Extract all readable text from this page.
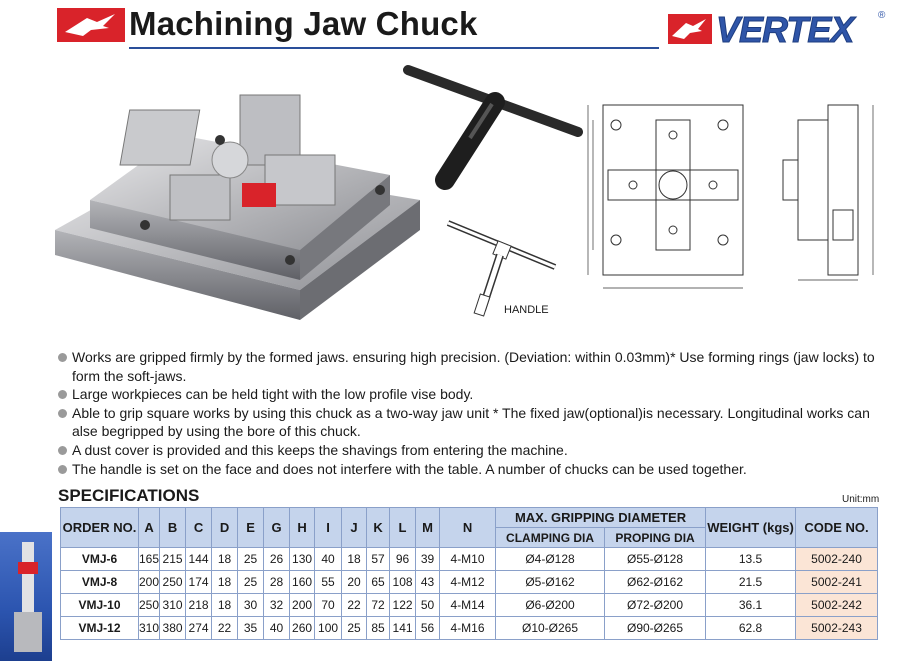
Machining Jaw Chuck	VERTEX ®
HANDLE
Works are gripped firmly by the formed jaws. ensuring high precision. (Deviation: within 0.03mm)* Use forming rings (jaw locks) to form the soft-jaws.
Large workpieces can be held tight with the low profile vise body.
Able to grip square works by using this chuck as a two-way jaw unit * The fixed jaw(optional)is necessary. Longitudinal works can alse begripped by using the bore of this chuck.
A dust cover is provided and this keeps the shavings from entering the machine.
The handle is set on the face and does not interfere with the table. A number of chucks can be used together.
SPECIFICATIONS	Unit:mm
ORDER NO.	A	B	C	D	E	G	H	I	J	K	L	M	N	MAX. GRIPPING DIAMETER		WEIGHT (kgs)	CODE NO.
														CLAMPING DIA	PROPING DIA		
VMJ-6	165	215	144	18	25	26	130	40	18	57	96	39	4-M10	Ø4-Ø128	Ø55-Ø128	13.5	5002-240
VMJ-8	200	250	174	18	25	28	160	55	20	65	108	43	4-M12	Ø5-Ø162	Ø62-Ø162	21.5	5002-241
VMJ-10	250	310	218	18	30	32	200	70	22	72	122	50	4-M14	Ø6-Ø200	Ø72-Ø200	36.1	5002-242
VMJ-12	310	380	274	22	35	40	260	100	25	85	141	56	4-M16	Ø10-Ø265	Ø90-Ø265	62.8	5002-243
